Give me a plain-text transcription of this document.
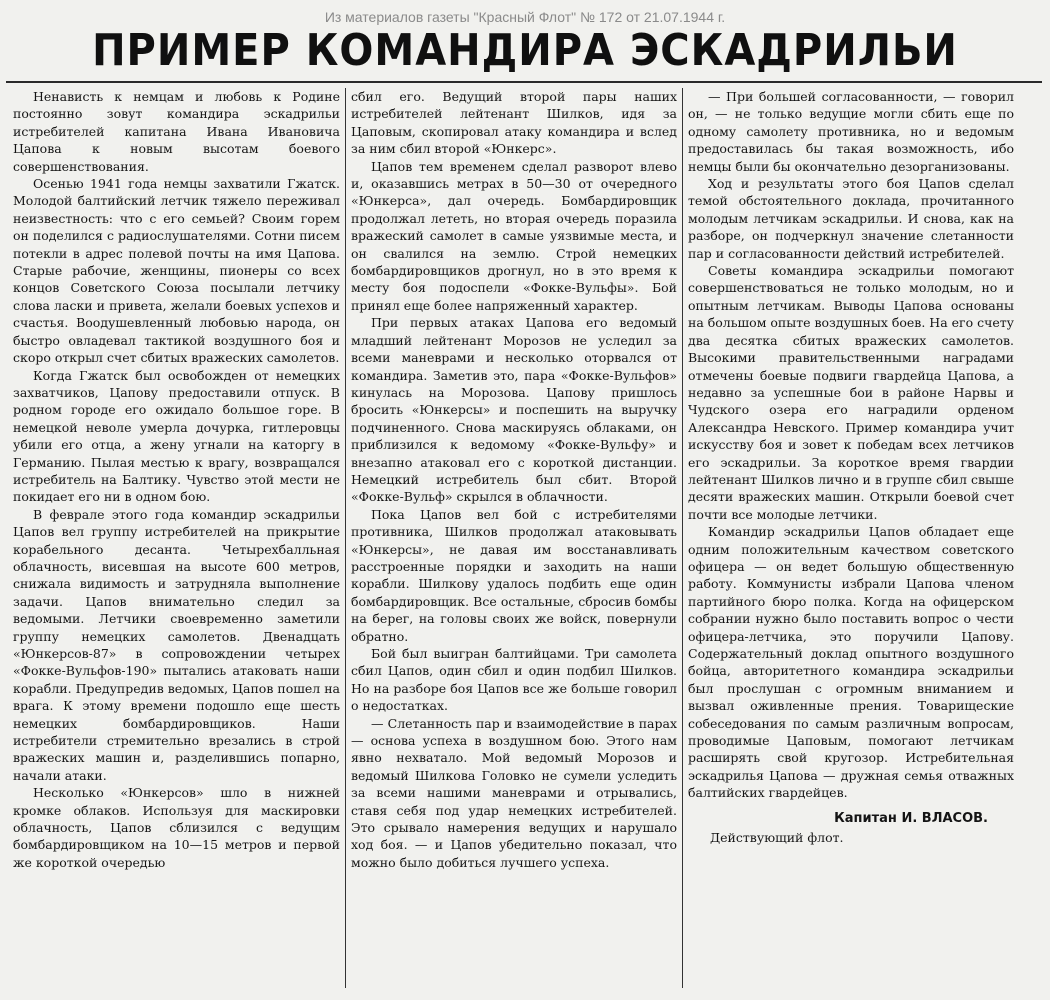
Из материалов газеты "Красный Флот" № 172 от 21.07.1944 г.
ПРИМЕР КОМАНДИРА ЭСКАДРИЛЬИ

Ненависть к немцам и любовь к Родине постоянно зовут командира эскадрильи истребителей капитана Ивана Ивановича Цапова к новым высотам боевого совершенствования.

Осенью 1941 года немцы захватили Гжатск. Молодой балтийский летчик тяжело переживал неизвестность: что с его семьей? Своим горем он поделился с радиослушателями. Сотни писем потекли в адрес полевой почты на имя Цапова. Старые рабочие, женщины, пионеры со всех концов Советского Союза посылали летчику слова ласки и привета, желали боевых успехов и счастья. Воодушевленный любовью народа, он быстро овладевал тактикой воздушного боя и скоро открыл счет сбитых вражеских самолетов.

Когда Гжатск был освобожден от немецких захватчиков, Цапову предоставили отпуск. В родном городе его ожидало большое горе. В немецкой неволе умерла дочурка, гитлеровцы убили его отца, а жену угнали на каторгу в Германию. Пылая местью к врагу, возвращался истребитель на Балтику. Чувство этой мести не покидает его ни в одном бою.

В феврале этого года командир эскадрильи Цапов вел группу истребителей на прикрытие корабельного десанта. Четырехбалльная облачность, висевшая на высоте 600 метров, снижала видимость и затрудняла выполнение задачи. Цапов внимательно следил за ведомыми. Летчики своевременно заметили группу немецких самолетов. Двенадцать «Юнкерсов-87» в сопровождении четырех «Фокке-Вульфов-190» пытались атаковать наши корабли. Предупредив ведомых, Цапов пошел на врага. К этому времени подошло еще шесть немецких бомбардировщиков. Наши истребители стремительно врезались в строй вражеских машин и, разделившись попарно, начали атаки.

Несколько «Юнкерсов» шло в нижней кромке облаков. Используя для маскировки облачность, Цапов сблизился с ведущим бомбардировщиком на 10—15 метров и первой же короткой очередью

сбил его. Ведущий второй пары наших истребителей лейтенант Шилков, идя за Цаповым, скопировал атаку командира и вслед за ним сбил второй «Юнкерс».

Цапов тем временем сделал разворот влево и, оказавшись метрах в 50—30 от очередного «Юнкерса», дал очередь. Бомбардировщик продолжал лететь, но вторая очередь поразила вражеский самолет в самые уязвимые места, и он свалился на землю. Строй немецких бомбардировщиков дрогнул, но в это время к месту боя подоспели «Фокке-Вульфы». Бой принял еще более напряженный характер.

При первых атаках Цапова его ведомый младший лейтенант Морозов не уследил за всеми маневрами и несколько оторвался от командира. Заметив это, пара «Фокке-Вульфов» кинулась на Морозова. Цапову пришлось бросить «Юнкерсы» и поспешить на выручку подчиненного. Снова маскируясь облаками, он приблизился к ведомому «Фокке-Вульфу» и внезапно атаковал его с короткой дистанции. Немецкий истребитель был сбит. Второй «Фокке-Вульф» скрылся в облачности.

Пока Цапов вел бой с истребителями противника, Шилков продолжал атаковывать «Юнкерсы», не давая им восстанавливать расстроенные порядки и заходить на наши корабли. Шилкову удалось подбить еще один бомбардировщик. Все остальные, сбросив бомбы на берег, на головы своих же войск, повернули обратно.

Бой был выигран балтийцами. Три самолета сбил Цапов, один сбил и один подбил Шилков. Но на разборе боя Цапов все же больше говорил о недостатках.

— Слетанность пар и взаимодействие в парах — основа успеха в воздушном бою. Этого нам явно нехватало. Мой ведомый Морозов и ведомый Шилкова Головко не сумели уследить за всеми нашими маневрами и отрывались, ставя себя под удар немецких истребителей. Это срывало намерения ведущих и нарушало ход боя. — и Цапов убедительно показал, что можно было добиться лучшего успеха.

— При большей согласованности, — говорил он, — не только ведущие могли сбить еще по одному самолету противника, но и ведомым предоставилась бы такая возможность, ибо немцы были бы окончательно дезорганизованы.

Ход и результаты этого боя Цапов сделал темой обстоятельного доклада, прочитанного молодым летчикам эскадрильи. И снова, как на разборе, он подчеркнул значение слетанности пар и согласованности действий истребителей.

Советы командира эскадрильи помогают совершенствоваться не только молодым, но и опытным летчикам. Выводы Цапова основаны на большом опыте воздушных боев. На его счету два десятка сбитых вражеских самолетов. Высокими правительственными наградами отмечены боевые подвиги гвардейца Цапова, а недавно за успешные бои в районе Нарвы и Чудского озера его наградили орденом Александра Невского. Пример командира учит искусству боя и зовет к победам всех летчиков его эскадрильи. За короткое время гвардии лейтенант Шилков лично и в группе сбил свыше десяти вражеских машин. Открыли боевой счет почти все молодые летчики.

Командир эскадрильи Цапов обладает еще одним положительным качеством советского офицера — он ведет большую общественную работу. Коммунисты избрали Цапова членом партийного бюро полка. Когда на офицерском собрании нужно было поставить вопрос о чести офицера-летчика, это поручили Цапову. Содержательный доклад опытного воздушного бойца, авторитетного командира эскадрильи был прослушан с огромным вниманием и вызвал оживленные прения. Товарищеские собеседования по самым различным вопросам, проводимые Цаповым, помогают летчикам расширять свой кругозор. Истребительная эскадрилья Цапова — дружная семья отважных балтийских гвардейцев.

Капитан И. ВЛАСОВ.
Действующий флот.
